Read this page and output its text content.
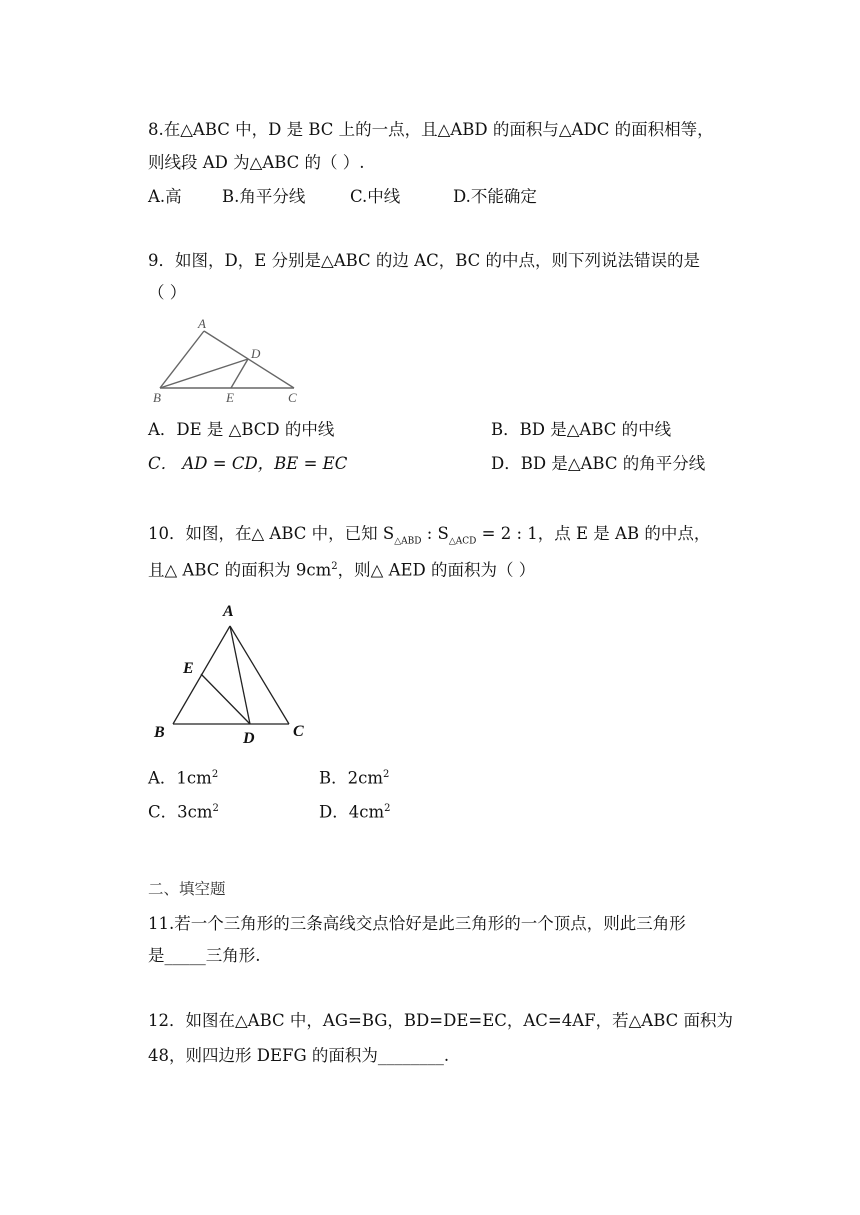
8.在△ABC 中，D 是 BC 上的一点，且△ABD 的面积与△ADC 的面积相等，
则线段 AD 为△ABC 的（ ）.
A.高 B.角平分线	C.中线	D.不能确定
9．如图，D，E 分别是△ABC 的边 AC，BC 的中点，则下列说法错误的是
（ ）
A
D
B	E	C
A．DE 是 △BCD 的中线	B．BD 是△ABC 的中线
C． AD = CD，BE = EC	D．BD 是△ABC 的角平分线
10．如图，在△ ABC 中，已知 $S_{\triangle ABD}$ : $S_{\triangle ACD} = 2$ : 1，点 E 是 AB 的中点，
且△ ABC 的面积为 $9cm^2$，则△ AED 的面积为（ ）
A
E
B	D C
A．$1cm^2$	B．$2cm^2$
C．$3cm^2$	D．$4cm^2$
二、填空题
11.若一个三角形的三条高线交点恰好是此三角形的一个顶点，则此三角形
是_____三角形.
12．如图在△ABC 中，AG=BG，BD=DE=EC，AC=4AF，若△ABC 面积为
48，则四边形 DEFG 的面积为________.
